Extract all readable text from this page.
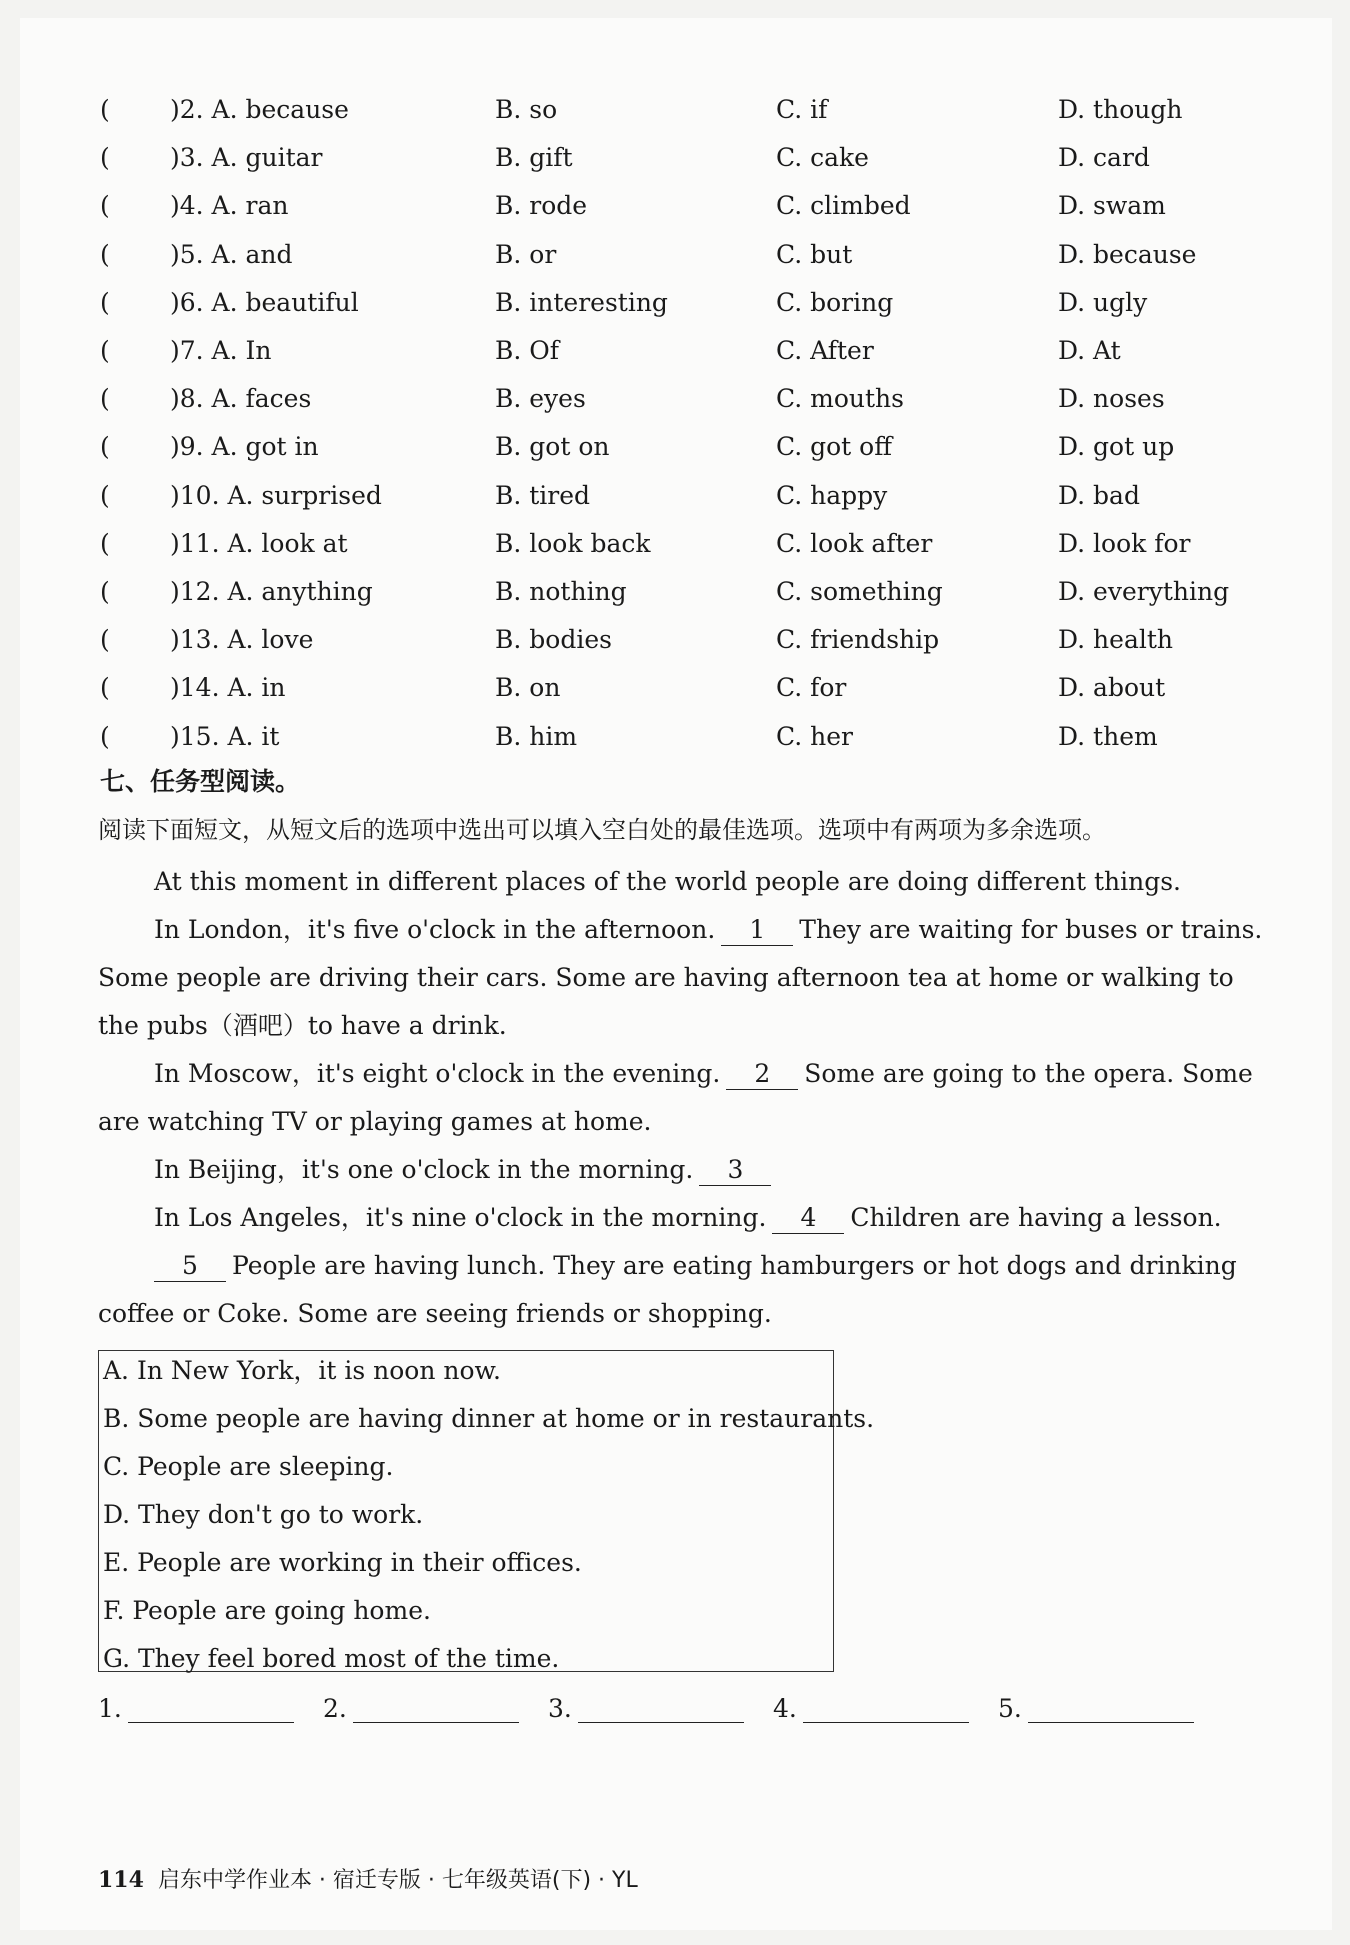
( )2. A. because	B. so	C. if	D. though
( )3. A. guitar	B. gift	C. cake	D. card
( )4. A. ran	B. rode	C. climbed	D. swam
( )5. A. and	B. or	C. but	D. because
( )6. A. beautiful	B. interesting	C. boring	D. ugly
( )7. A. In	B. Of	C. After	D. At
( )8. A. faces	B. eyes	C. mouths	D. noses
( )9. A. got in	B. got on	C. got off	D. got up
( )10. A. surprised	B. tired	C. happy	D. bad
( )11. A. look at	B. look back	C. look after	D. look for
( )12. A. anything	B. nothing	C. something	D. everything
( )13. A. love	B. bodies	C. friendship	D. health
( )14. A. in	B. on	C. for	D. about
( )15. A. it	B. him	C. her	D. them
七、任务型阅读。
阅读下面短文，从短文后的选项中选出可以填入空白处的最佳选项。选项中有两项为多余选项。
At this moment in different places of the world people are doing different things.
In London，it's five o'clock in the afternoon. 1 They are waiting for buses or trains. Some people are driving their cars. Some are having afternoon tea at home or walking to the pubs（酒吧）to have a drink.
In Moscow，it's eight o'clock in the evening. 2 Some are going to the opera. Some are watching TV or playing games at home.
In Beijing，it's one o'clock in the morning. 3
In Los Angeles，it's nine o'clock in the morning. 4 Children are having a lesson.
5 People are having lunch. They are eating hamburgers or hot dogs and drinking coffee or Coke. Some are seeing friends or shopping.
A. In New York，it is noon now.
B. Some people are having dinner at home or in restaurants.
C. People are sleeping.
D. They don't go to work.
E. People are working in their offices.
F. People are going home.
G. They feel bored most of the time.
1.	2.	3.	4.	5.
114 启东中学作业本 · 宿迁专版 · 七年级英语(下) · YL
